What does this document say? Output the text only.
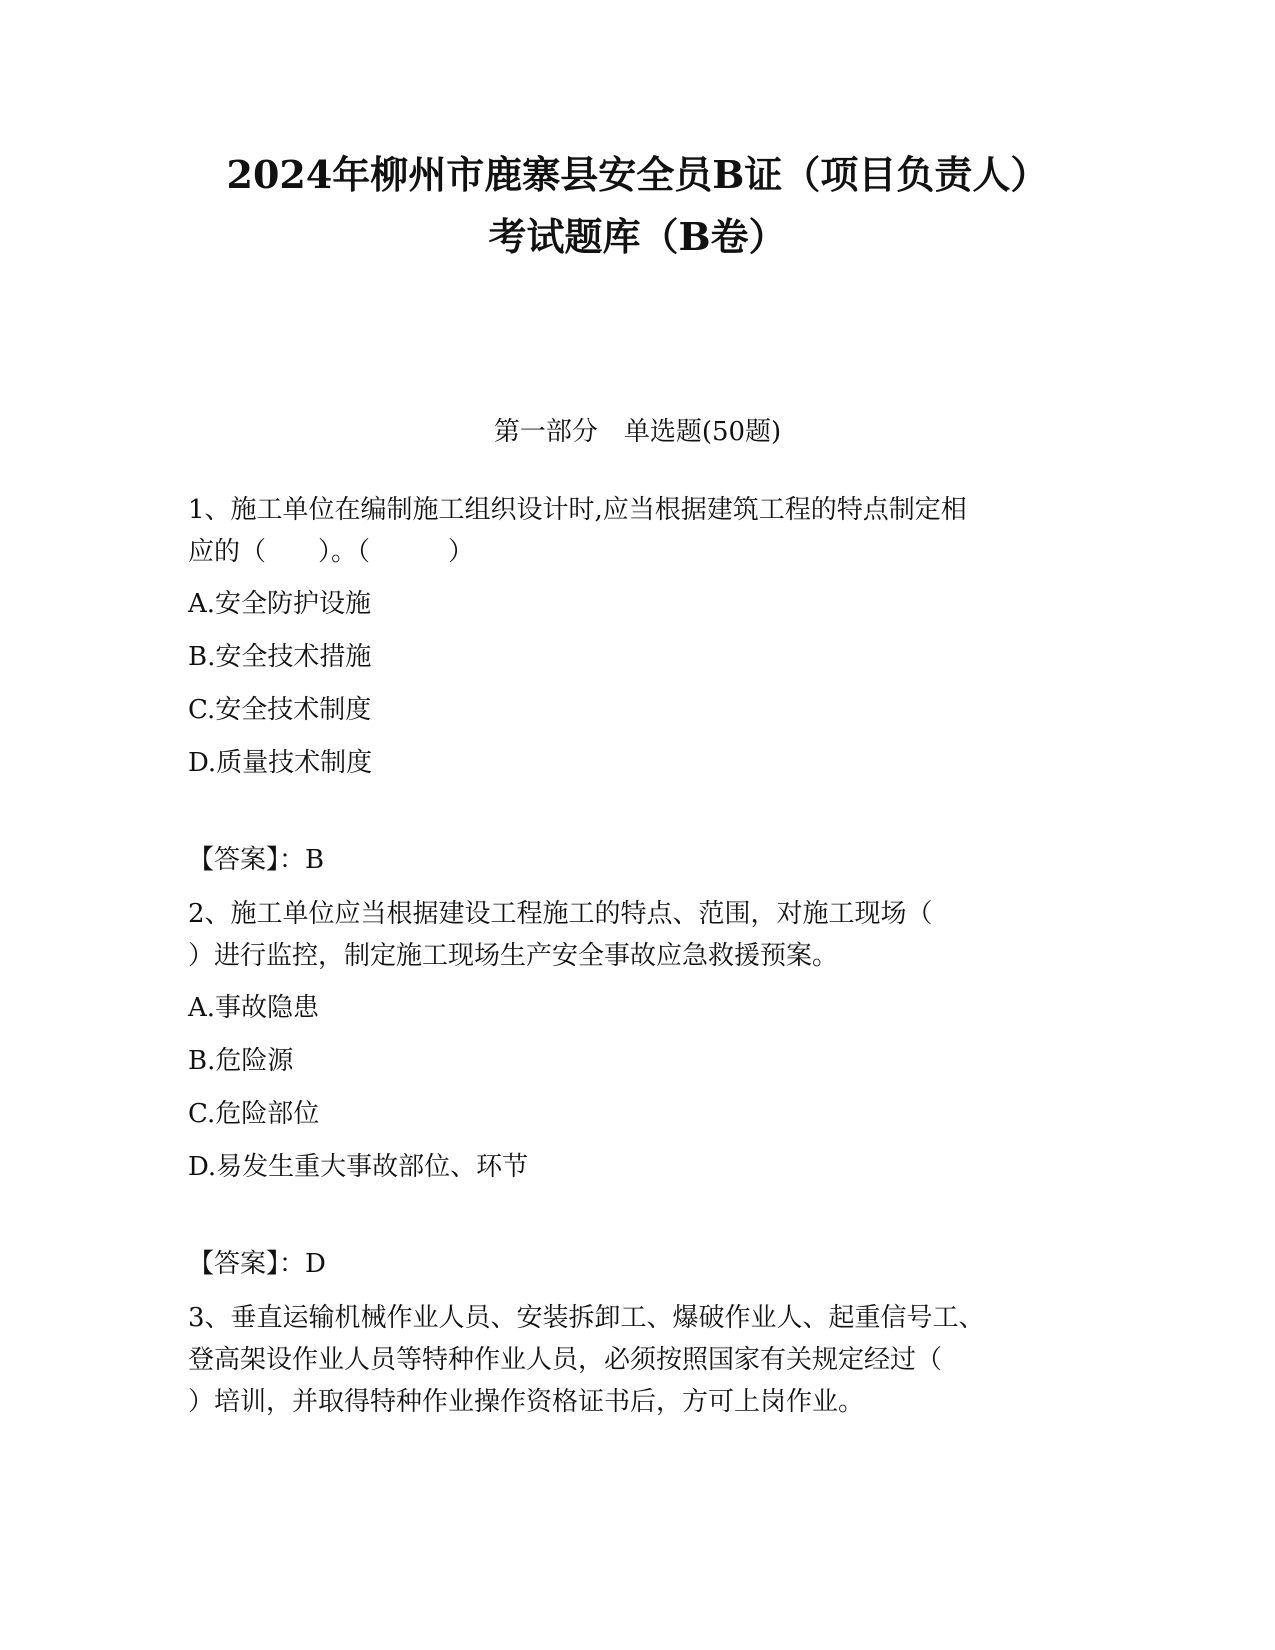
2024年柳州市鹿寨县安全员B证（项目负责人）
考试题库（B卷）
第一部分　单选题(50题)
1、施工单位在编制施工组织设计时,应当根据建筑工程的特点制定相
应的（　　）。（　　　）
A.安全防护设施
B.安全技术措施
C.安全技术制度
D.质量技术制度
【答案】：B
2、施工单位应当根据建设工程施工的特点、范围，对施工现场（
）进行监控，制定施工现场生产安全事故应急救援预案。
A.事故隐患
B.危险源
C.危险部位
D.易发生重大事故部位、环节
【答案】：D
3、垂直运输机械作业人员、安装拆卸工、爆破作业人、起重信号工、
登高架设作业人员等特种作业人员，必须按照国家有关规定经过（
）培训，并取得特种作业操作资格证书后，方可上岗作业。
